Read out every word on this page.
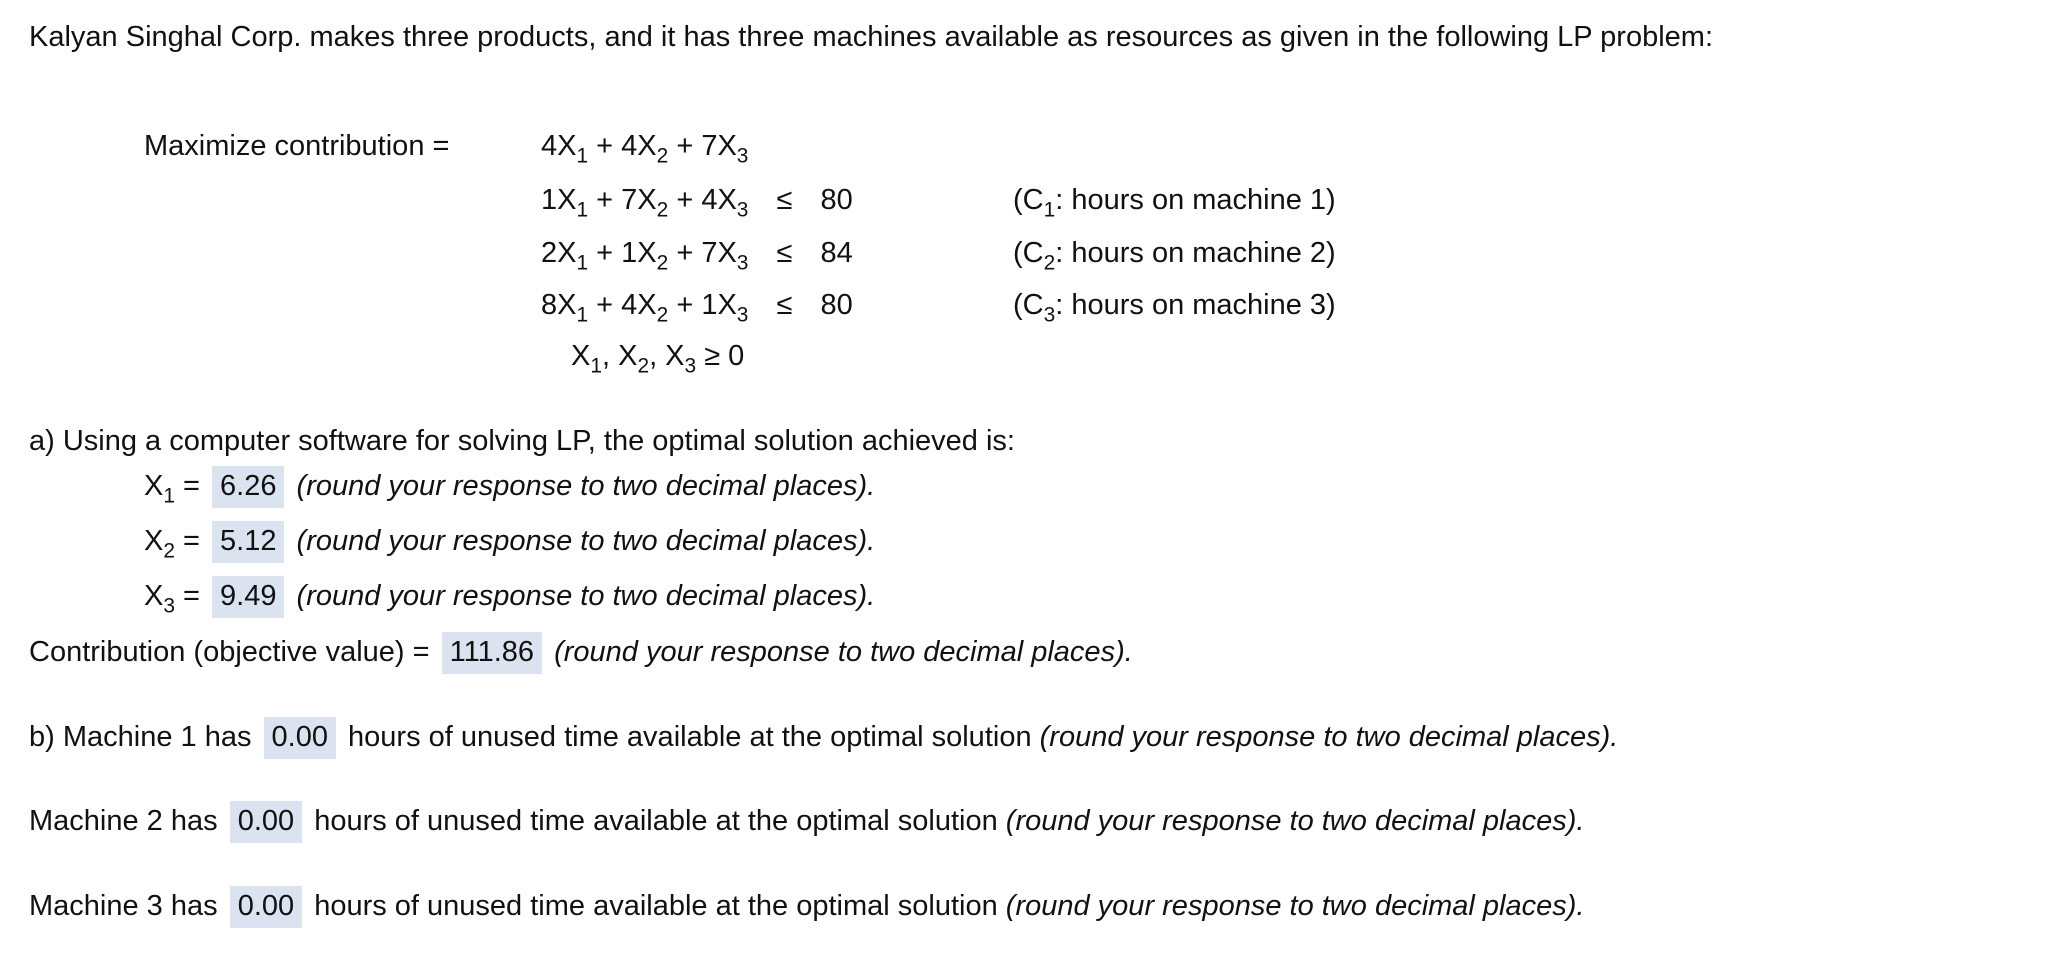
Kalyan Singhal Corp. makes three products, and it has three machines available as resources as given in the following LP problem:
Maximize contribution =	$4X_1 + 4X_2 + 7X_3$
$1X_1 + 7X_2 + 4X_3 \le 80$	($C_1$: hours on machine 1)
$2X_1 + 1X_2 + 7X_3 \le 84$	($C_2$: hours on machine 2)
$8X_1 + 4X_2 + 1X_3 \le 80$	($C_3$: hours on machine 3)
$X_1$, $X_2$, $X_3 \ge 0$
a) Using a computer software for solving LP, the optimal solution achieved is:
$X_1 = 6.26$ (round your response to two decimal places).
$X_2 = 5.12$ (round your response to two decimal places).
$X_3 = 9.49$ (round your response to two decimal places).
Contribution (objective value) = 111.86 (round your response to two decimal places).
b) Machine 1 has 0.00 hours of unused time available at the optimal solution (round your response to two decimal places).
Machine 2 has 0.00 hours of unused time available at the optimal solution (round your response to two decimal places).
Machine 3 has 0.00 hours of unused time available at the optimal solution (round your response to two decimal places).
